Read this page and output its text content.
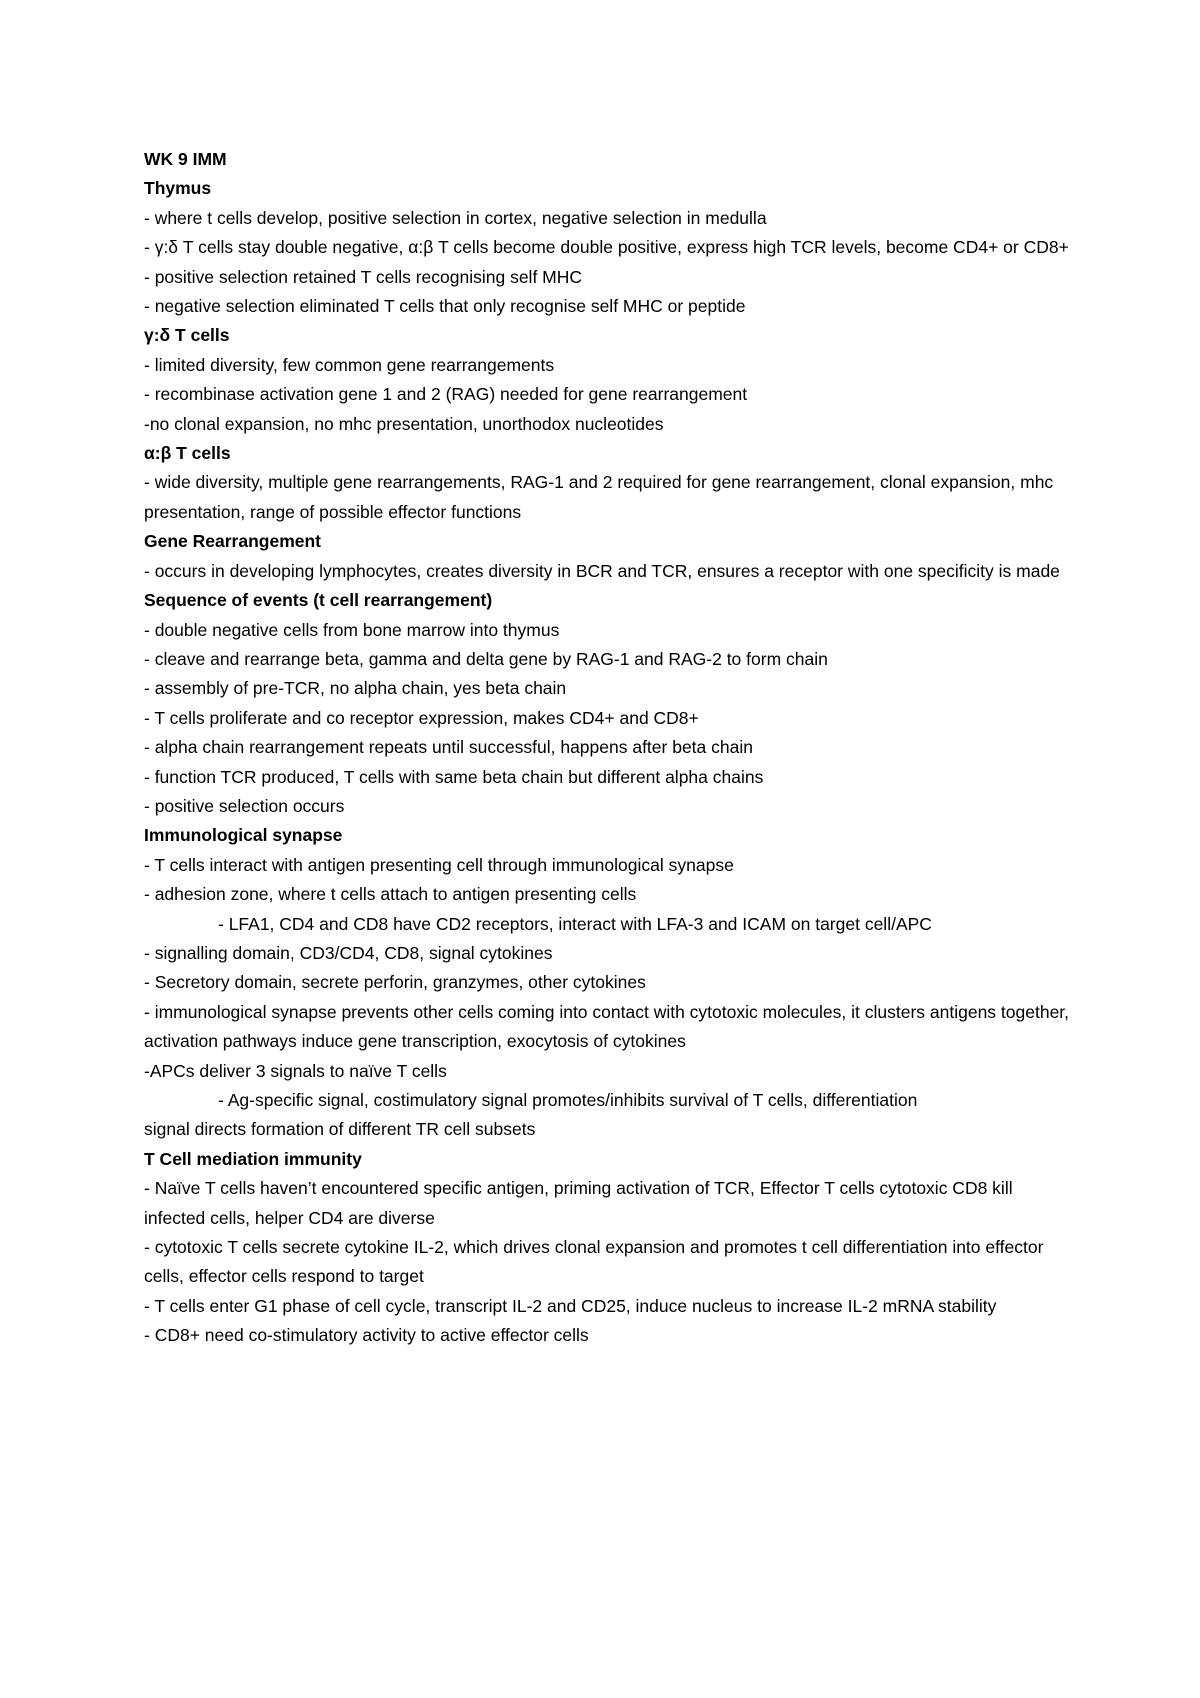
WK 9 IMM
Thymus
- where t cells develop, positive selection in cortex, negative selection in medulla
- γ:δ T cells stay double negative, α:β T cells become double positive, express high TCR levels, become CD4+ or CD8+
- positive selection retained T cells recognising self MHC
- negative selection eliminated T cells that only recognise self MHC or peptide
γ:δ T cells
- limited diversity, few common gene rearrangements
- recombinase activation gene 1 and 2 (RAG) needed for gene rearrangement
-no clonal expansion, no mhc presentation, unorthodox nucleotides
α:β T cells
- wide diversity, multiple gene rearrangements, RAG-1 and 2 required for gene rearrangement, clonal expansion, mhc presentation, range of possible effector functions
Gene Rearrangement
- occurs in developing lymphocytes, creates diversity in BCR and TCR, ensures a receptor with one specificity is made
Sequence of events (t cell rearrangement)
- double negative cells from bone marrow into thymus
- cleave and rearrange beta, gamma and delta gene by RAG-1 and RAG-2 to form chain
- assembly of pre-TCR, no alpha chain, yes beta chain
- T cells proliferate and co receptor expression, makes CD4+ and CD8+
- alpha chain rearrangement repeats until successful, happens after beta chain
- function TCR produced, T cells with same beta chain but different alpha chains
- positive selection occurs
Immunological synapse
- T cells interact with antigen presenting cell through immunological synapse
- adhesion zone, where t cells attach to antigen presenting cells
- LFA1, CD4 and CD8 have CD2 receptors, interact with LFA-3 and ICAM on target cell/APC
- signalling domain, CD3/CD4, CD8, signal cytokines
- Secretory domain, secrete perforin, granzymes, other cytokines
- immunological synapse prevents other cells coming into contact with cytotoxic molecules, it clusters antigens together, activation pathways induce gene transcription, exocytosis of cytokines
-APCs deliver 3 signals to naïve T cells
- Ag-specific signal, costimulatory signal promotes/inhibits survival of T cells, differentiation
signal directs formation of different TR cell subsets
T Cell mediation immunity
- Naïve T cells haven’t encountered specific antigen, priming activation of TCR, Effector T cells cytotoxic CD8 kill infected cells, helper CD4 are diverse
- cytotoxic T cells secrete cytokine IL-2, which drives clonal expansion and promotes t cell differentiation into effector cells, effector cells respond to target
- T cells enter G1 phase of cell cycle, transcript IL-2 and CD25, induce nucleus to increase IL-2 mRNA stability
- CD8+ need co-stimulatory activity to active effector cells
